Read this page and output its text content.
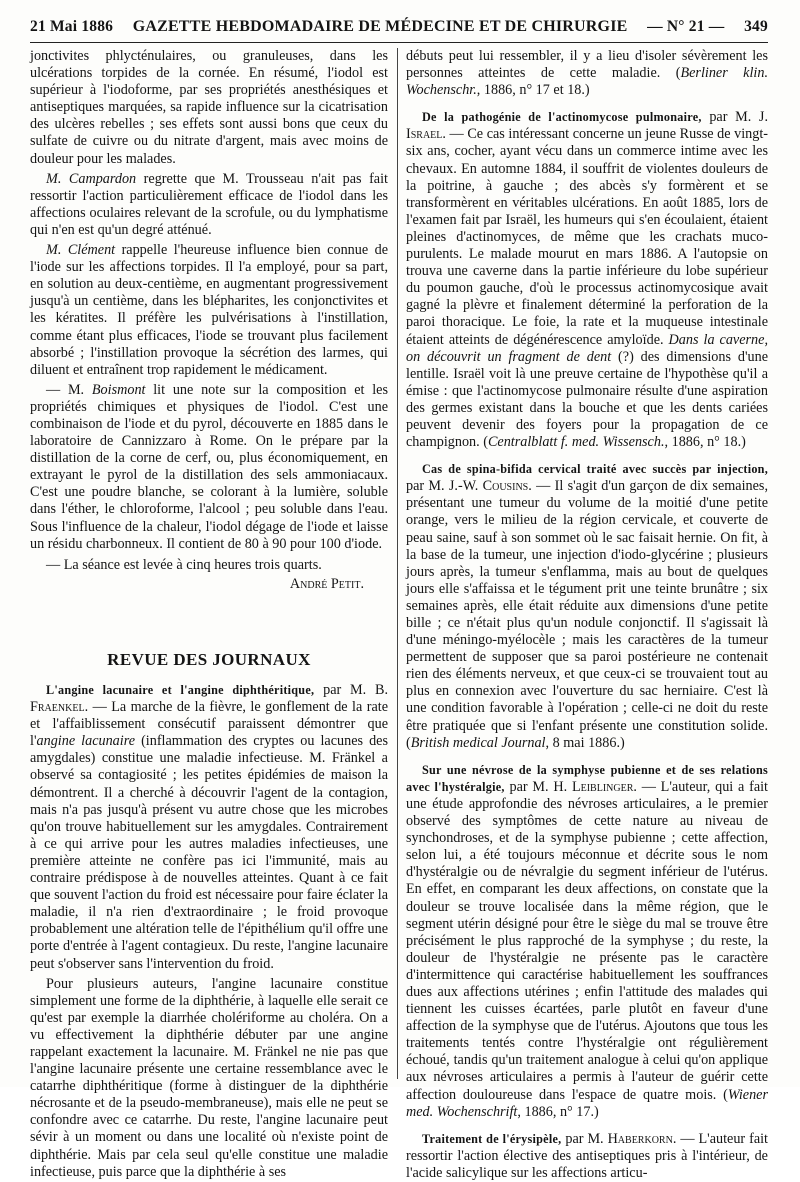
21 Mai 1886 GAZETTE HEBDOMADAIRE DE MÉDECINE ET DE CHIRURGIE — N° 21 — 349

jonctivites phlycténulaires, ou granuleuses, dans les ulcérations torpides de la cornée. En résumé, l'iodol est supérieur à l'iodoforme, par ses propriétés anesthésiques et antiseptiques marquées, sa rapide influence sur la cicatrisation des ulcères rebelles ; ses effets sont aussi bons que ceux du sulfate de cuivre ou du nitrate d'argent, mais avec moins de douleur pour les malades.

M. Campardon regrette que M. Trousseau n'ait pas fait ressortir l'action particulièrement efficace de l'iodol dans les affections oculaires relevant de la scrofule, ou du lymphatisme qui n'en est qu'un degré atténué.

M. Clément rappelle l'heureuse influence bien connue de l'iode sur les affections torpides. Il l'a employé, pour sa part, en solution au deux-centième, en augmentant progressivement jusqu'à un centième, dans les blépharites, les conjonctivites et les kératites. Il préfère les pulvérisations à l'instillation, comme étant plus efficaces, l'iode se trouvant plus facilement absorbé ; l'instillation provoque la sécrétion des larmes, qui diluent et entraînent trop rapidement le médicament.

— M. Boismont lit une note sur la composition et les propriétés chimiques et physiques de l'iodol. C'est une combinaison de l'iode et du pyrol, découverte en 1885 dans le laboratoire de Cannizzaro à Rome. On le prépare par la distillation de la corne de cerf, ou, plus économiquement, en extrayant le pyrol de la distillation des sels ammoniacaux. C'est une poudre blanche, se colorant à la lumière, soluble dans l'éther, le chloroforme, l'alcool ; peu soluble dans l'eau. Sous l'influence de la chaleur, l'iodol dégage de l'iode et laisse un résidu charbonneux. Il contient de 80 à 90 pour 100 d'iode.

— La séance est levée à cinq heures trois quarts.

André Petit.

REVUE DES JOURNAUX

L'angine lacunaire et l'angine diphthéritique, par M. B. Fraenkel. — La marche de la fièvre, le gonflement de la rate et l'affaiblissement consécutif paraissent démontrer que l'angine lacunaire (inflammation des cryptes ou lacunes des amygdales) constitue une maladie infectieuse. M. Fränkel a observé sa contagiosité ; les petites épidémies de maison la démontrent. Il a cherché à découvrir l'agent de la contagion, mais n'a pas jusqu'à présent vu autre chose que les microbes qu'on trouve habituellement sur les amygdales. Contrairement à ce qui arrive pour les autres maladies infectieuses, une première atteinte ne confère pas ici l'immunité, mais au contraire prédispose à de nouvelles atteintes. Quant à ce fait que souvent l'action du froid est nécessaire pour faire éclater la maladie, il n'a rien d'extraordinaire ; le froid provoque probablement une altération telle de l'épithélium qu'il offre une porte d'entrée à l'agent contagieux. Du reste, l'angine lacunaire peut s'observer sans l'intervention du froid.

Pour plusieurs auteurs, l'angine lacunaire constitue simplement une forme de la diphthérie, à laquelle elle serait ce qu'est par exemple la diarrhée cholériforme au choléra. On a vu effectivement la diphthérie débuter par une angine rappelant exactement la lacunaire. M. Fränkel ne nie pas que l'angine lacunaire présente une certaine ressemblance avec le catarrhe diphthéritique (forme à distinguer de la diphthérie nécrosante et de la pseudo-membraneuse), mais elle ne peut se confondre avec ce catarrhe. Du reste, l'angine lacunaire peut sévir à un moment ou dans une localité où n'existe point de diphthérie. Mais par cela seul qu'elle constitue une maladie infectieuse, puis parce que la diphthérie à ses

débuts peut lui ressembler, il y a lieu d'isoler sévèrement les personnes atteintes de cette maladie. (Berliner klin. Wochenschr., 1886, n° 17 et 18.)

De la pathogénie de l'actinomycose pulmonaire, par M. J. Israel. — Ce cas intéressant concerne un jeune Russe de vingt-six ans, cocher, ayant vécu dans un commerce intime avec les chevaux. En automne 1884, il souffrit de violentes douleurs de la poitrine, à gauche ; des abcès s'y formèrent et se transformèrent en véritables ulcérations. En août 1885, lors de l'examen fait par Israël, les humeurs qui s'en écoulaient, étaient pleines d'actinomyces, de même que les crachats muco-purulents. Le malade mourut en mars 1886. A l'autopsie on trouva une caverne dans la partie inférieure du lobe supérieur du poumon gauche, d'où le processus actinomycosique avait gagné la plèvre et finalement déterminé la perforation de la paroi thoracique. Le foie, la rate et la muqueuse intestinale étaient atteints de dégénérescence amyloïde. Dans la caverne, on découvrit un fragment de dent (?) des dimensions d'une lentille. Israël voit là une preuve certaine de l'hypothèse qu'il a émise : que l'actinomycose pulmonaire résulte d'une aspiration des germes existant dans la bouche et que les dents cariées peuvent devenir des foyers pour la propagation de ce champignon. (Centralblatt f. med. Wissensch., 1886, n° 18.)

Cas de spina-bifida cervical traité avec succès par injection, par M. J.-W. Cousins. — Il s'agit d'un garçon de dix semaines, présentant une tumeur du volume de la moitié d'une petite orange, vers le milieu de la région cervicale, et couverte de peau saine, sauf à son sommet où le sac faisait hernie. On fit, à la base de la tumeur, une injection d'iodo-glycérine ; plusieurs jours après, la tumeur s'enflamma, mais au bout de quelques jours elle s'affaissa et le tégument prit une teinte brunâtre ; six semaines après, elle était réduite aux dimensions d'une petite bille ; ce n'était plus qu'un nodule conjonctif. Il s'agissait là d'une méningo-myélocèle ; mais les caractères de la tumeur permettent de supposer que sa paroi postérieure ne contenait rien des éléments nerveux, et que ceux-ci se trouvaient tout au plus en connexion avec l'ouverture du sac herniaire. C'est là une condition favorable à l'opération ; celle-ci ne doit du reste être pratiquée que si l'enfant présente une constitution solide. (British medical Journal, 8 mai 1886.)

Sur une névrose de la symphyse pubienne et de ses relations avec l'hystéralgie, par M. H. Leiblinger. — L'auteur, qui a fait une étude approfondie des névroses articulaires, a le premier observé des symptômes de cette nature au niveau de synchondroses, et de la symphyse pubienne ; cette affection, selon lui, a été toujours méconnue et décrite sous le nom d'hystéralgie ou de névralgie du segment inférieur de l'utérus. En effet, en comparant les deux affections, on constate que la douleur se trouve localisée dans la même région, que le segment utérin désigné pour être le siège du mal se trouve être précisément le plus rapproché de la symphyse ; du reste, la douleur de l'hystéralgie ne présente pas le caractère d'intermittence qui caractérise habituellement les souffrances dues aux affections utérines ; enfin l'attitude des malades qui tiennent les cuisses écartées, parle plutôt en faveur d'une affection de la symphyse que de l'utérus. Ajoutons que tous les traitements tentés contre l'hystéralgie ont régulièrement échoué, tandis qu'un traitement analogue à celui qu'on applique aux névroses articulaires a permis à l'auteur de guérir cette affection douloureuse dans l'espace de quatre mois. (Wiener med. Wochenschrift, 1886, n° 17.)

Traitement de l'érysipèle, par M. Haberkorn. — L'auteur fait ressortir l'action élective des antiseptiques pris à l'intérieur, de l'acide salicylique sur les affections articu-
